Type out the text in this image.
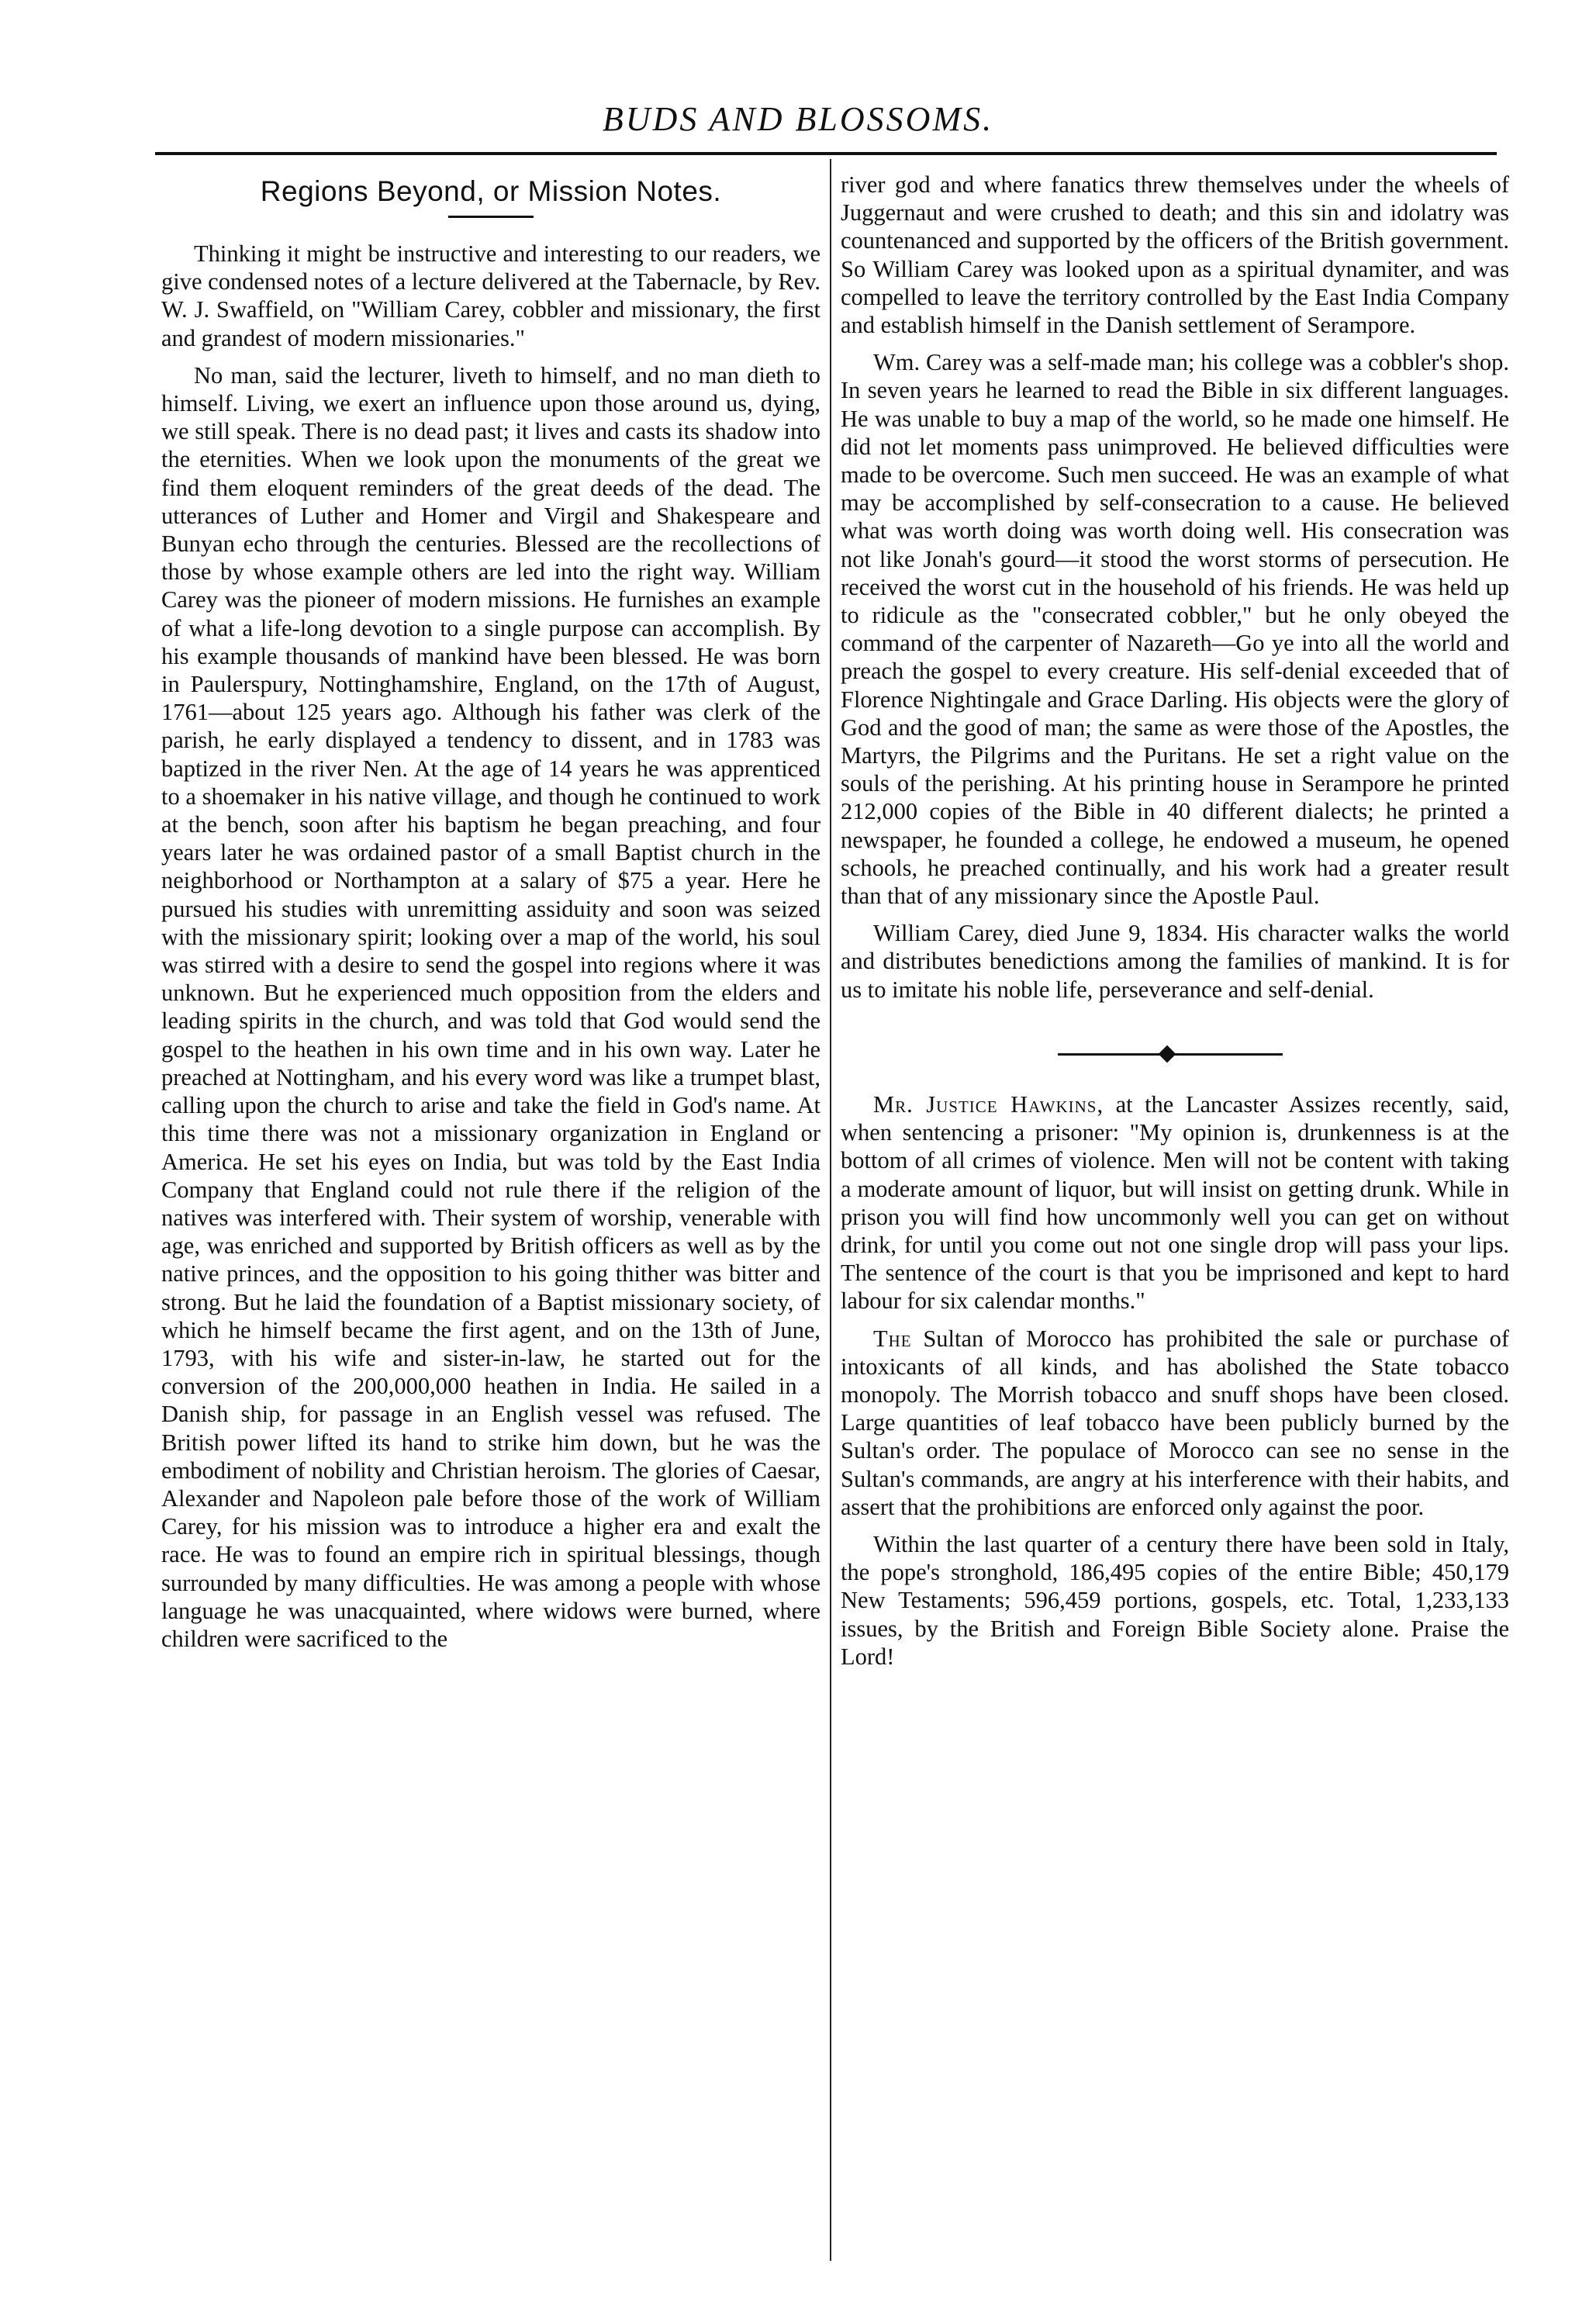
BUDS AND BLOSSOMS.
Regions Beyond, or Mission Notes.

Thinking it might be instructive and interesting to our readers, we give condensed notes of a lecture delivered at the Tabernacle, by Rev. W. J. Swaffield, on "William Carey, cobbler and missionary, the first and grandest of modern missionaries."

No man, said the lecturer, liveth to himself, and no man dieth to himself. Living, we exert an influence upon those around us, dying, we still speak. There is no dead past; it lives and casts its shadow into the eternities. When we look upon the monuments of the great we find them eloquent reminders of the great deeds of the dead. The utterances of Luther and Homer and Virgil and Shakespeare and Bunyan echo through the centuries. Blessed are the recollections of those by whose example others are led into the right way. William Carey was the pioneer of modern missions. He furnishes an example of what a life-long devotion to a single purpose can accomplish. By his example thousands of mankind have been blessed. He was born in Paulerspury, Nottinghamshire, England, on the 17th of August, 1761—about 125 years ago. Although his father was clerk of the parish, he early displayed a tendency to dissent, and in 1783 was baptized in the river Nen. At the age of 14 years he was apprenticed to a shoemaker in his native village, and though he continued to work at the bench, soon after his baptism he began preaching, and four years later he was ordained pastor of a small Baptist church in the neighborhood or Northampton at a salary of $75 a year. Here he pursued his studies with unremitting assiduity and soon was seized with the missionary spirit; looking over a map of the world, his soul was stirred with a desire to send the gospel into regions where it was unknown. But he experienced much opposition from the elders and leading spirits in the church, and was told that God would send the gospel to the heathen in his own time and in his own way. Later he preached at Nottingham, and his every word was like a trumpet blast, calling upon the church to arise and take the field in God's name. At this time there was not a missionary organization in England or America. He set his eyes on India, but was told by the East India Company that England could not rule there if the religion of the natives was interfered with. Their system of worship, venerable with age, was enriched and supported by British officers as well as by the native princes, and the opposition to his going thither was bitter and strong. But he laid the foundation of a Baptist missionary society, of which he himself became the first agent, and on the 13th of June, 1793, with his wife and sister-in-law, he started out for the conversion of the 200,000,000 heathen in India. He sailed in a Danish ship, for passage in an English vessel was refused. The British power lifted its hand to strike him down, but he was the embodiment of nobility and Christian heroism. The glories of Caesar, Alexander and Napoleon pale before those of the work of William Carey, for his mission was to introduce a higher era and exalt the race. He was to found an empire rich in spiritual blessings, though surrounded by many difficulties. He was among a people with whose language he was unacquainted, where widows were burned, where children were sacrificed to the

river god and where fanatics threw themselves under the wheels of Juggernaut and were crushed to death; and this sin and idolatry was countenanced and supported by the officers of the British government. So William Carey was looked upon as a spiritual dynamiter, and was compelled to leave the territory controlled by the East India Company and establish himself in the Danish settlement of Serampore.

Wm. Carey was a self-made man; his college was a cobbler's shop. In seven years he learned to read the Bible in six different languages. He was unable to buy a map of the world, so he made one himself. He did not let moments pass unimproved. He believed difficulties were made to be overcome. Such men succeed. He was an example of what may be accomplished by self-consecration to a cause. He believed what was worth doing was worth doing well. His consecration was not like Jonah's gourd—it stood the worst storms of persecution. He received the worst cut in the household of his friends. He was held up to ridicule as the "consecrated cobbler," but he only obeyed the command of the carpenter of Nazareth—Go ye into all the world and preach the gospel to every creature. His self-denial exceeded that of Florence Nightingale and Grace Darling. His objects were the glory of God and the good of man; the same as were those of the Apostles, the Martyrs, the Pilgrims and the Puritans. He set a right value on the souls of the perishing. At his printing house in Serampore he printed 212,000 copies of the Bible in 40 different dialects; he printed a newspaper, he founded a college, he endowed a museum, he opened schools, he preached continually, and his work had a greater result than that of any missionary since the Apostle Paul.

William Carey, died June 9, 1834. His character walks the world and distributes benedictions among the families of mankind. It is for us to imitate his noble life, perseverance and self-denial.

Mr. Justice Hawkins, at the Lancaster Assizes recently, said, when sentencing a prisoner: "My opinion is, drunkenness is at the bottom of all crimes of violence. Men will not be content with taking a moderate amount of liquor, but will insist on getting drunk. While in prison you will find how uncommonly well you can get on without drink, for until you come out not one single drop will pass your lips. The sentence of the court is that you be imprisoned and kept to hard labour for six calendar months."

The Sultan of Morocco has prohibited the sale or purchase of intoxicants of all kinds, and has abolished the State tobacco monopoly. The Morrish tobacco and snuff shops have been closed. Large quantities of leaf tobacco have been publicly burned by the Sultan's order. The populace of Morocco can see no sense in the Sultan's commands, are angry at his interference with their habits, and assert that the prohibitions are enforced only against the poor.

Within the last quarter of a century there have been sold in Italy, the pope's stronghold, 186,495 copies of the entire Bible; 450,179 New Testaments; 596,459 portions, gospels, etc. Total, 1,233,133 issues, by the British and Foreign Bible Society alone. Praise the Lord!
